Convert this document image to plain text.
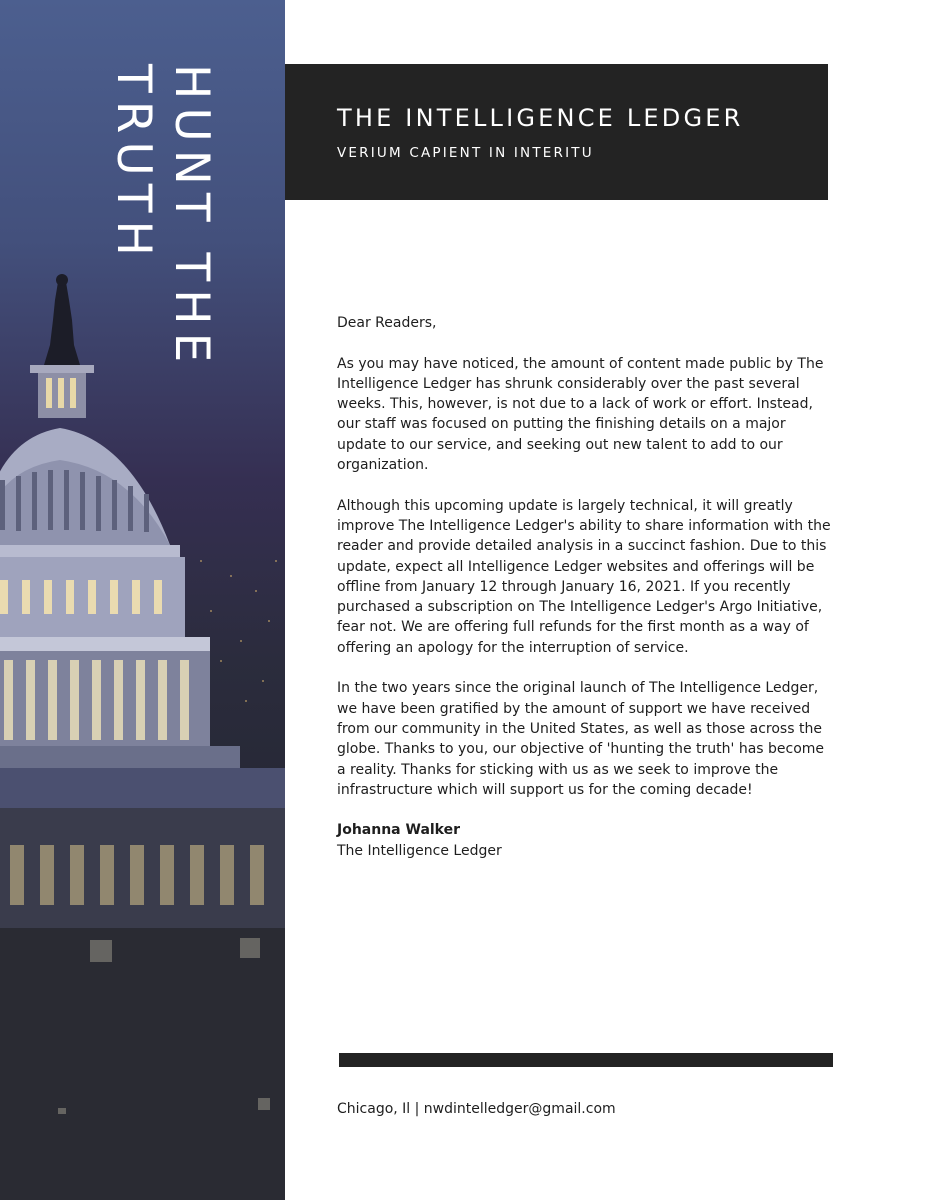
HUNT THE
TRUTH	THE INTELLIGENCE LEDGER

VERIUM CAPIENT IN INTERITU

Dear Readers,

As you may have noticed, the amount of content made public by The Intelligence Ledger has shrunk considerably over the past several weeks. This, however, is not due to a lack of work or effort. Instead, our staff was focused on putting the finishing details on a major update to our service, and seeking out new talent to add to our organization.

Although this upcoming update is largely technical, it will greatly improve The Intelligence Ledger's ability to share information with the reader and provide detailed analysis in a succinct fashion. Due to this update, expect all Intelligence Ledger websites and offerings will be offline from January 12 through January 16, 2021. If you recently purchased a subscription on The Intelligence Ledger's Argo Initiative, fear not. We are offering full refunds for the first month as a way of offering an apology for the interruption of service.

In the two years since the original launch of The Intelligence Ledger, we have been gratified by the amount of support we have received from our community in the United States, as well as those across the globe. Thanks to you, our objective of 'hunting the truth' has become a reality. Thanks for sticking with us as we seek to improve the infrastructure which will support us for the coming decade!

Johanna Walker

The Intelligence Ledger

Chicago, Il | nwdintelledger@gmail.com
